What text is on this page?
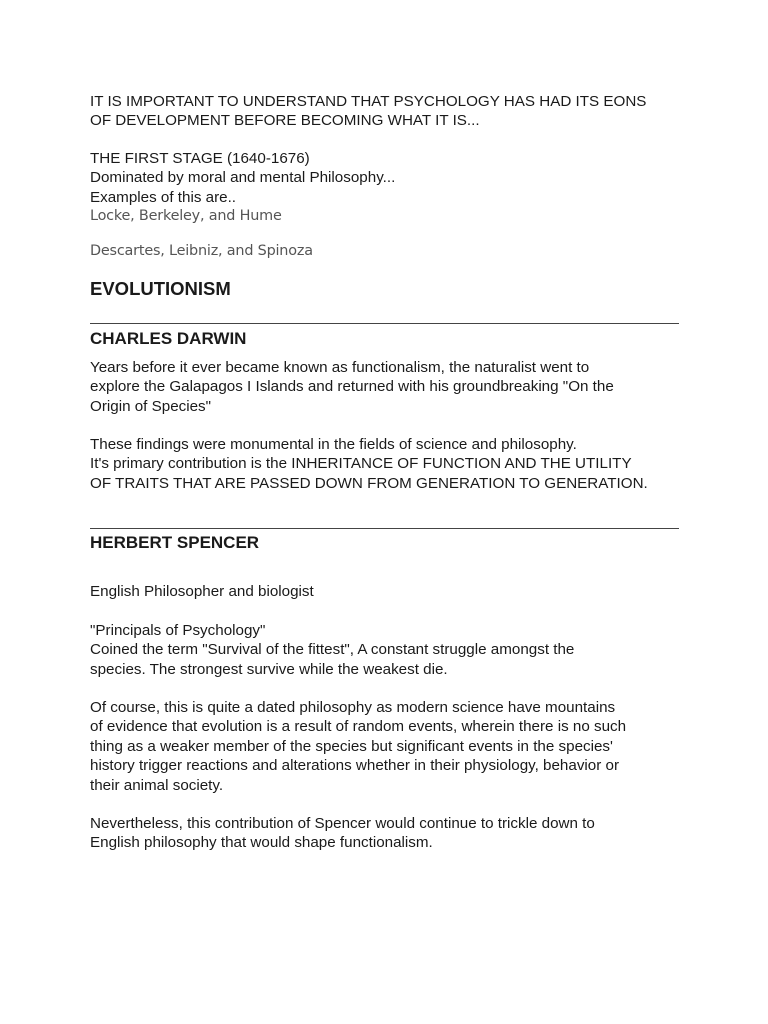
IT IS IMPORTANT TO UNDERSTAND THAT PSYCHOLOGY HAS HAD ITS EONS

OF DEVELOPMENT BEFORE BECOMING WHAT IT IS...

THE FIRST STAGE (1640-1676)

Dominated by moral and mental Philosophy...

Examples of this are..

Locke, Berkeley, and Hume

Descartes, Leibniz, and Spinoza

EVOLUTIONISM
CHARLES DARWIN

Years before it ever became known as functionalism, the naturalist went to

explore the Galapagos I Islands and returned with his groundbreaking "On the

Origin of Species"

These findings were monumental in the fields of science and philosophy.

It's primary contribution is the INHERITANCE OF FUNCTION AND THE UTILITY

OF TRAITS THAT ARE PASSED DOWN FROM GENERATION TO GENERATION.

HERBERT SPENCER

English Philosopher and biologist

"Principals of Psychology"

Coined the term "Survival of the fittest", A constant struggle amongst the

species. The strongest survive while the weakest die.

Of course, this is quite a dated philosophy as modern science have mountains

of evidence that evolution is a result of random events, wherein there is no such

thing as a weaker member of the species but significant events in the species'

history trigger reactions and alterations whether in their physiology, behavior or

their animal society.

Nevertheless, this contribution of Spencer would continue to trickle down to

English philosophy that would shape functionalism.
